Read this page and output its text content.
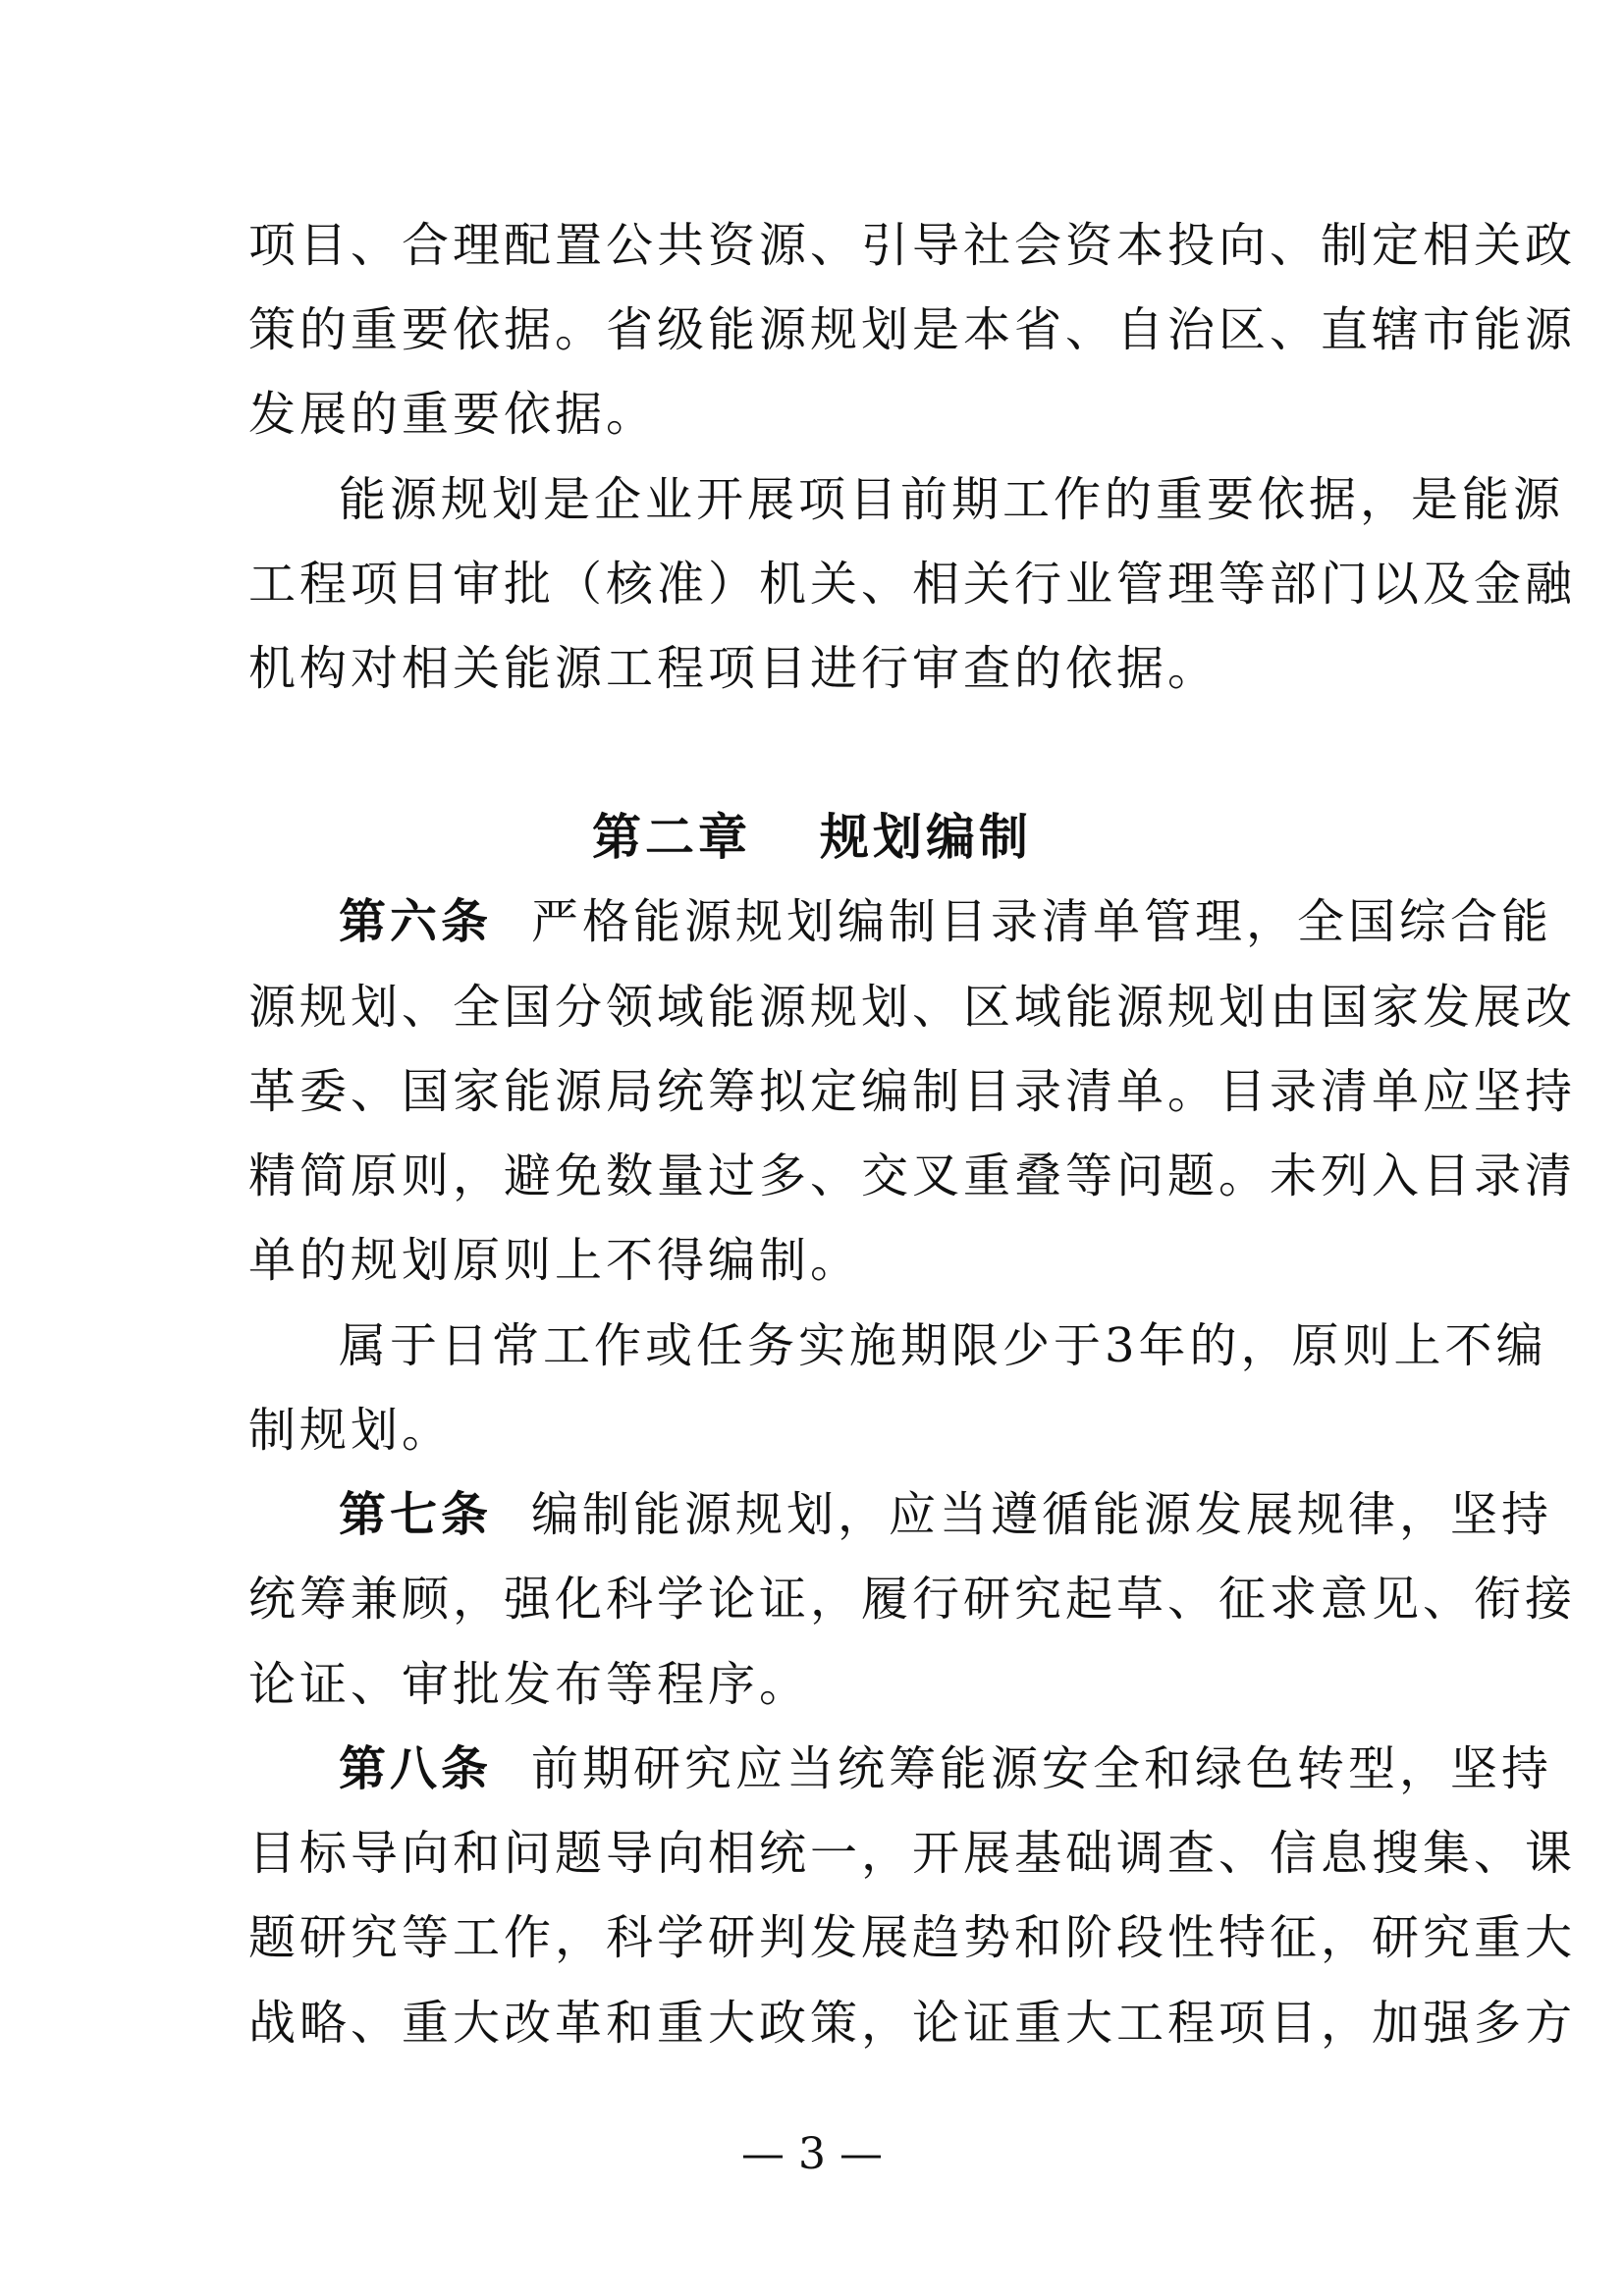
项目、合理配置公共资源、引导社会资本投向、制定相关政
策的重要依据。省级能源规划是本省、自治区、直辖市能源
发展的重要依据。
能源规划是企业开展项目前期工作的重要依据，是能源
工程项目审批（核准）机关、相关行业管理等部门以及金融
机构对相关能源工程项目进行审查的依据。
第二章 规划编制
第六条 严格能源规划编制目录清单管理，全国综合能
源规划、全国分领域能源规划、区域能源规划由国家发展改
革委、国家能源局统筹拟定编制目录清单。目录清单应坚持
精简原则，避免数量过多、交叉重叠等问题。未列入目录清
单的规划原则上不得编制。
属于日常工作或任务实施期限少于3年的，原则上不编
制规划。
第七条 编制能源规划，应当遵循能源发展规律，坚持
统筹兼顾，强化科学论证，履行研究起草、征求意见、衔接
论证、审批发布等程序。
第八条 前期研究应当统筹能源安全和绿色转型，坚持
目标导向和问题导向相统一，开展基础调查、信息搜集、课
题研究等工作，科学研判发展趋势和阶段性特征，研究重大
战略、重大改革和重大政策，论证重大工程项目，加强多方
— 3 —
